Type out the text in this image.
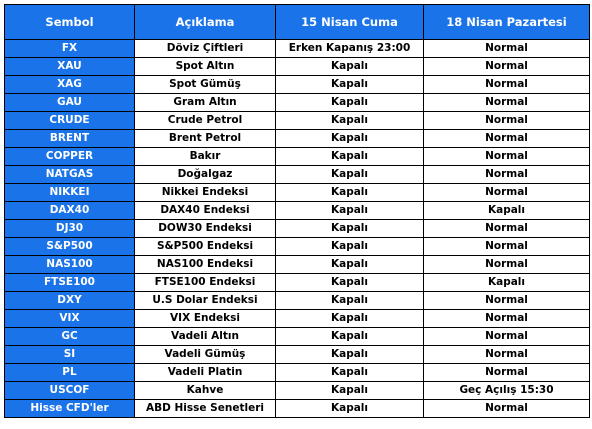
Sembol	Açıklama	15 Nisan Cuma	18 Nisan Pazartesi
FX	Döviz Çiftleri	Erken Kapanış 23:00	Normal
XAU	Spot Altın	Kapalı	Normal
XAG	Spot Gümüş	Kapalı	Normal
GAU	Gram Altın	Kapalı	Normal
CRUDE	Crude Petrol	Kapalı	Normal
BRENT	Brent Petrol	Kapalı	Normal
COPPER	Bakır	Kapalı	Normal
NATGAS	Doğalgaz	Kapalı	Normal
NIKKEI	Nikkei Endeksi	Kapalı	Normal
DAX40	DAX40 Endeksi	Kapalı	Kapalı
DJ30	DOW30 Endeksi	Kapalı	Normal
S&P500	S&P500 Endeksi	Kapalı	Normal
NAS100	NAS100 Endeksi	Kapalı	Normal
FTSE100	FTSE100 Endeksi	Kapalı	Kapalı
DXY	U.S Dolar Endeksi	Kapalı	Normal
VIX	VIX Endeksi	Kapalı	Normal
GC	Vadeli Altın	Kapalı	Normal
SI	Vadeli Gümüş	Kapalı	Normal
PL	Vadeli Platin	Kapalı	Normal
USCOF	Kahve	Kapalı	Geç Açılış 15:30
Hisse CFD'ler	ABD Hisse Senetleri	Kapalı	Normal
